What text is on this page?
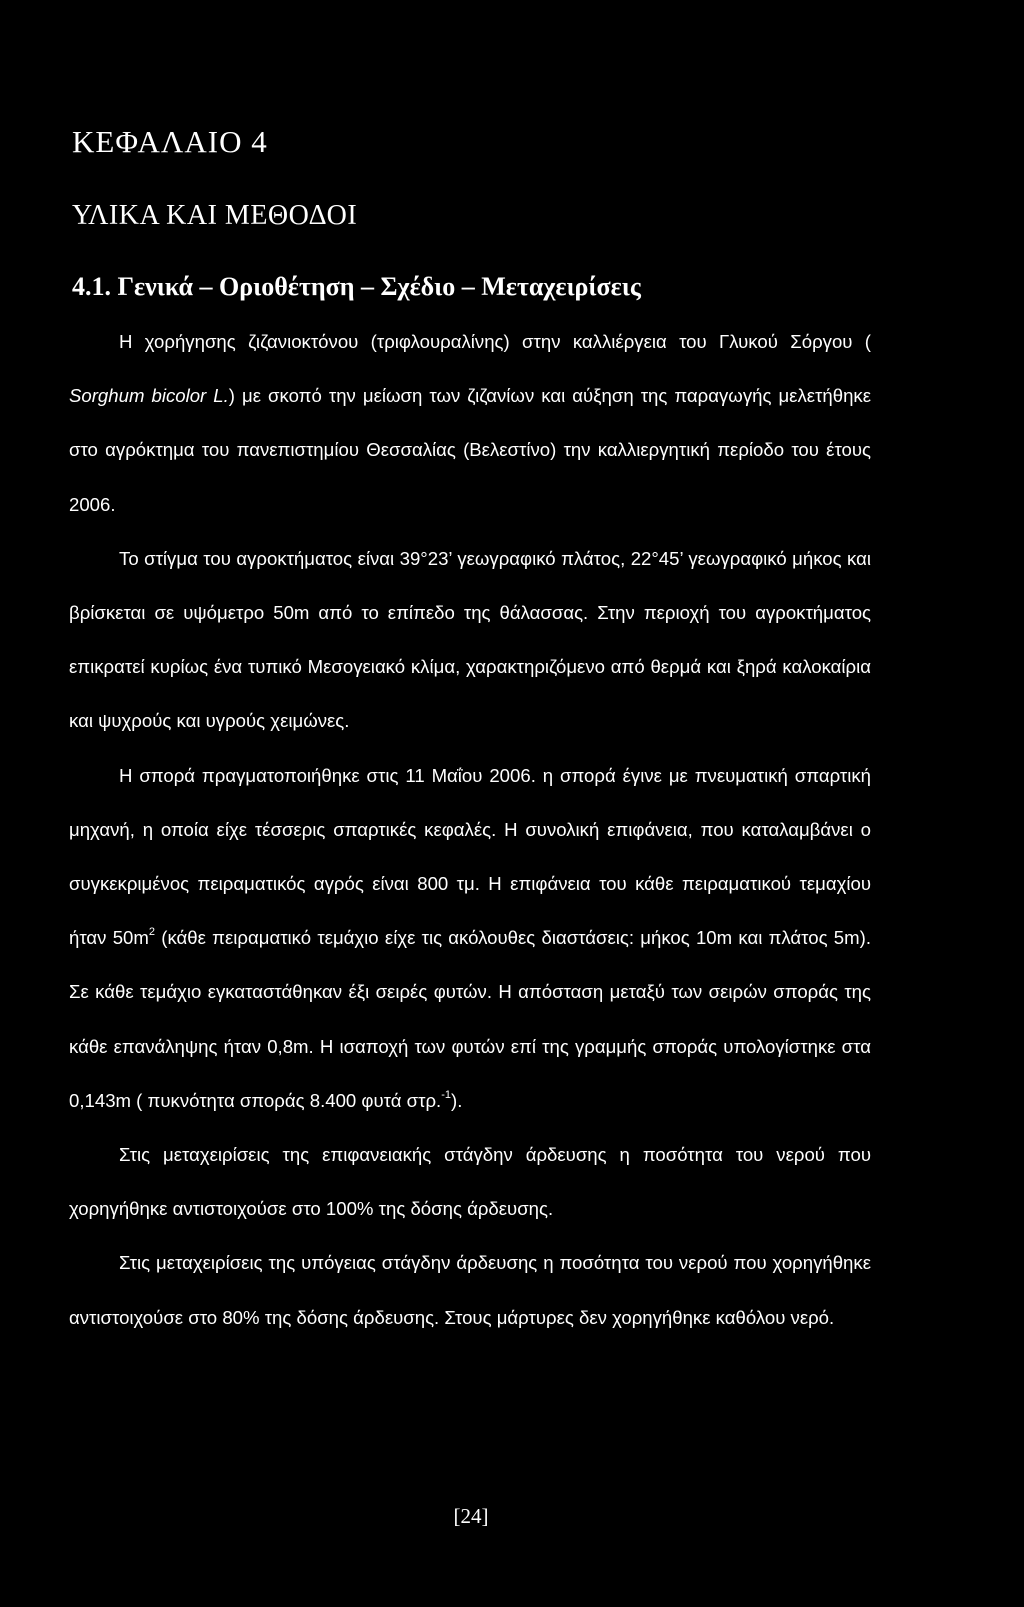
ΚΕΦΑΛΑΙΟ 4
ΥΛΙΚΑ ΚΑΙ ΜΕΘΟΔΟΙ
4.1. Γενικά – Οριοθέτηση – Σχέδιο – Μεταχειρίσεις

Η χορήγησης ζιζανιοκτόνου (τριφλουραλίνης) στην καλλιέργεια του Γλυκού Σόργου ( Sorghum bicolor L.) με σκοπό την μείωση των ζιζανίων και αύξηση της παραγωγής μελετήθηκε στο αγρόκτημα του πανεπιστημίου Θεσσαλίας (Βελεστίνο) την καλλιεργητική περίοδο του έτους 2006.

Το στίγμα του αγροκτήματος είναι 39°23’ γεωγραφικό πλάτος, 22°45’ γεωγραφικό μήκος και βρίσκεται σε υψόμετρο 50m από το επίπεδο της θάλασσας. Στην περιοχή του αγροκτήματος επικρατεί κυρίως ένα τυπικό Μεσογειακό κλίμα, χαρακτηριζόμενο από θερμά και ξηρά καλοκαίρια και ψυχρούς και υγρούς χειμώνες.

Η σπορά πραγματοποιήθηκε στις 11 Μαΐου 2006. η σπορά έγινε με πνευματική σπαρτική μηχανή, η οποία είχε τέσσερις σπαρτικές κεφαλές. Η συνολική επιφάνεια, που καταλαμβάνει ο συγκεκριμένος πειραματικός αγρός είναι 800 τμ. Η επιφάνεια του κάθε πειραματικού τεμαχίου ήταν $50m^2$ (κάθε πειραματικό τεμάχιο είχε τις ακόλουθες διαστάσεις: μήκος 10m και πλάτος 5m). Σε κάθε τεμάχιο εγκαταστάθηκαν έξι σειρές φυτών. Η απόσταση μεταξύ των σειρών σποράς της κάθε επανάληψης ήταν 0,8m. Η ισαποχή των φυτών επί της γραμμής σποράς υπολογίστηκε στα 0,143m ( πυκνότητα σποράς 8.400 φυτά στρ.$^{-1}$).

Στις μεταχειρίσεις της επιφανειακής στάγδην άρδευσης η ποσότητα του νερού που χορηγήθηκε αντιστοιχούσε στο 100% της δόσης άρδευσης.

Στις μεταχειρίσεις της υπόγειας στάγδην άρδευσης η ποσότητα του νερού που χορηγήθηκε αντιστοιχούσε στο 80% της δόσης άρδευσης. Στους μάρτυρες δεν χορηγήθηκε καθόλου νερό.

[24]
